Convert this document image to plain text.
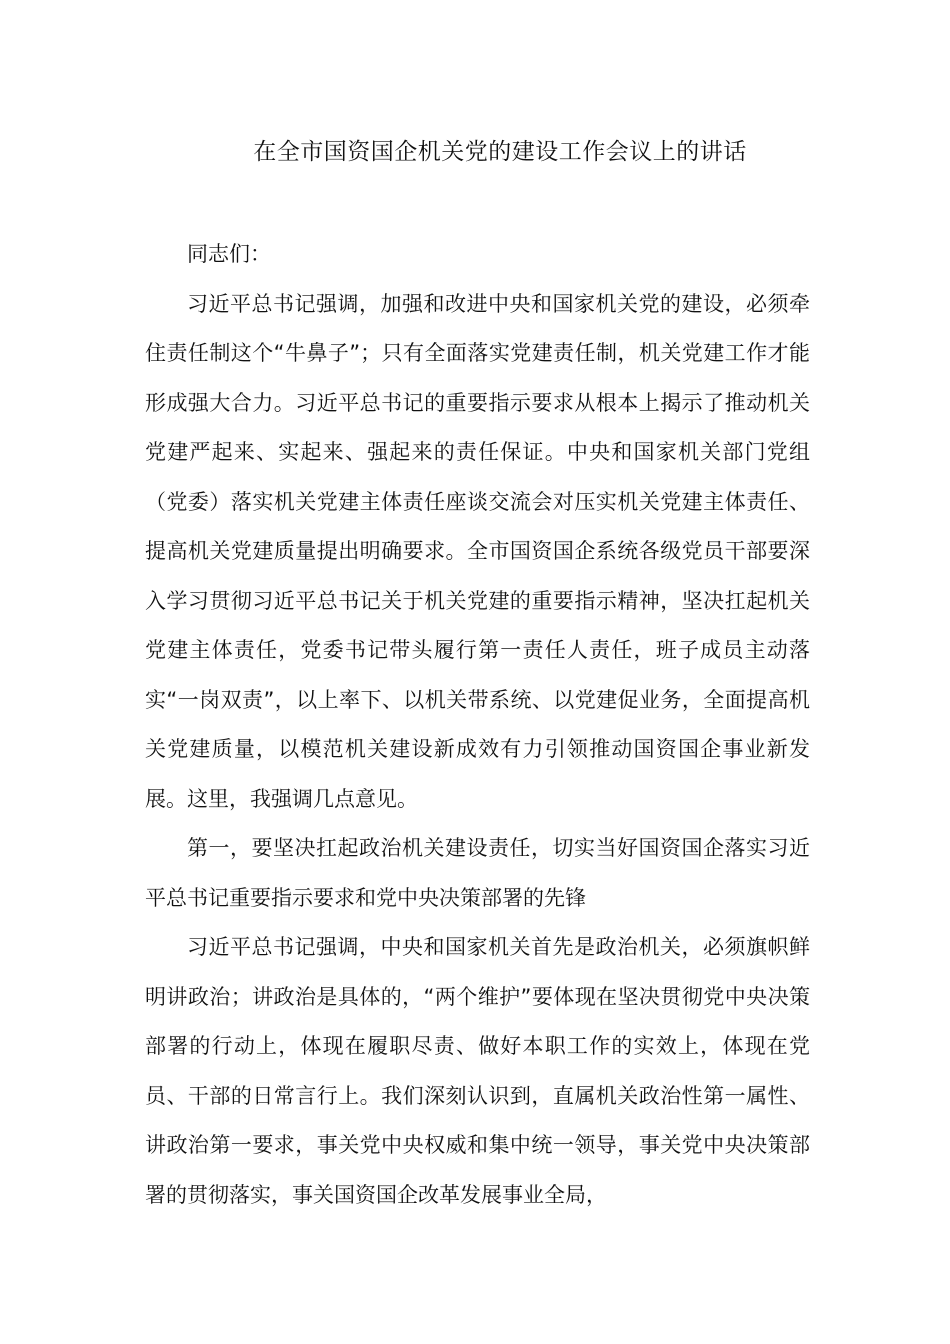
在全市国资国企机关党的建设工作会议上的讲话

同志们：

习近平总书记强调，加强和改进中央和国家机关党的建设，必须牵住责任制这个“牛鼻子”；只有全面落实党建责任制，机关党建工作才能形成强大合力。习近平总书记的重要指示要求从根本上揭示了推动机关党建严起来、实起来、强起来的责任保证。中央和国家机关部门党组（党委）落实机关党建主体责任座谈交流会对压实机关党建主体责任、提高机关党建质量提出明确要求。全市国资国企系统各级党员干部要深入学习贯彻习近平总书记关于机关党建的重要指示精神，坚决扛起机关党建主体责任，党委书记带头履行第一责任人责任，班子成员主动落实“一岗双责”，以上率下、以机关带系统、以党建促业务，全面提高机关党建质量，以模范机关建设新成效有力引领推动国资国企事业新发展。这里，我强调几点意见。

第一，要坚决扛起政治机关建设责任，切实当好国资国企落实习近平总书记重要指示要求和党中央决策部署的先锋

习近平总书记强调，中央和国家机关首先是政治机关，必须旗帜鲜明讲政治；讲政治是具体的，“两个维护”要体现在坚决贯彻党中央决策部署的行动上，体现在履职尽责、做好本职工作的实效上，体现在党员、干部的日常言行上。我们深刻认识到，直属机关政治性第一属性、讲政治第一要求，事关党中央权威和集中统一领导，事关党中央决策部署的贯彻落实，事关国资国企改革发展事业全局，
